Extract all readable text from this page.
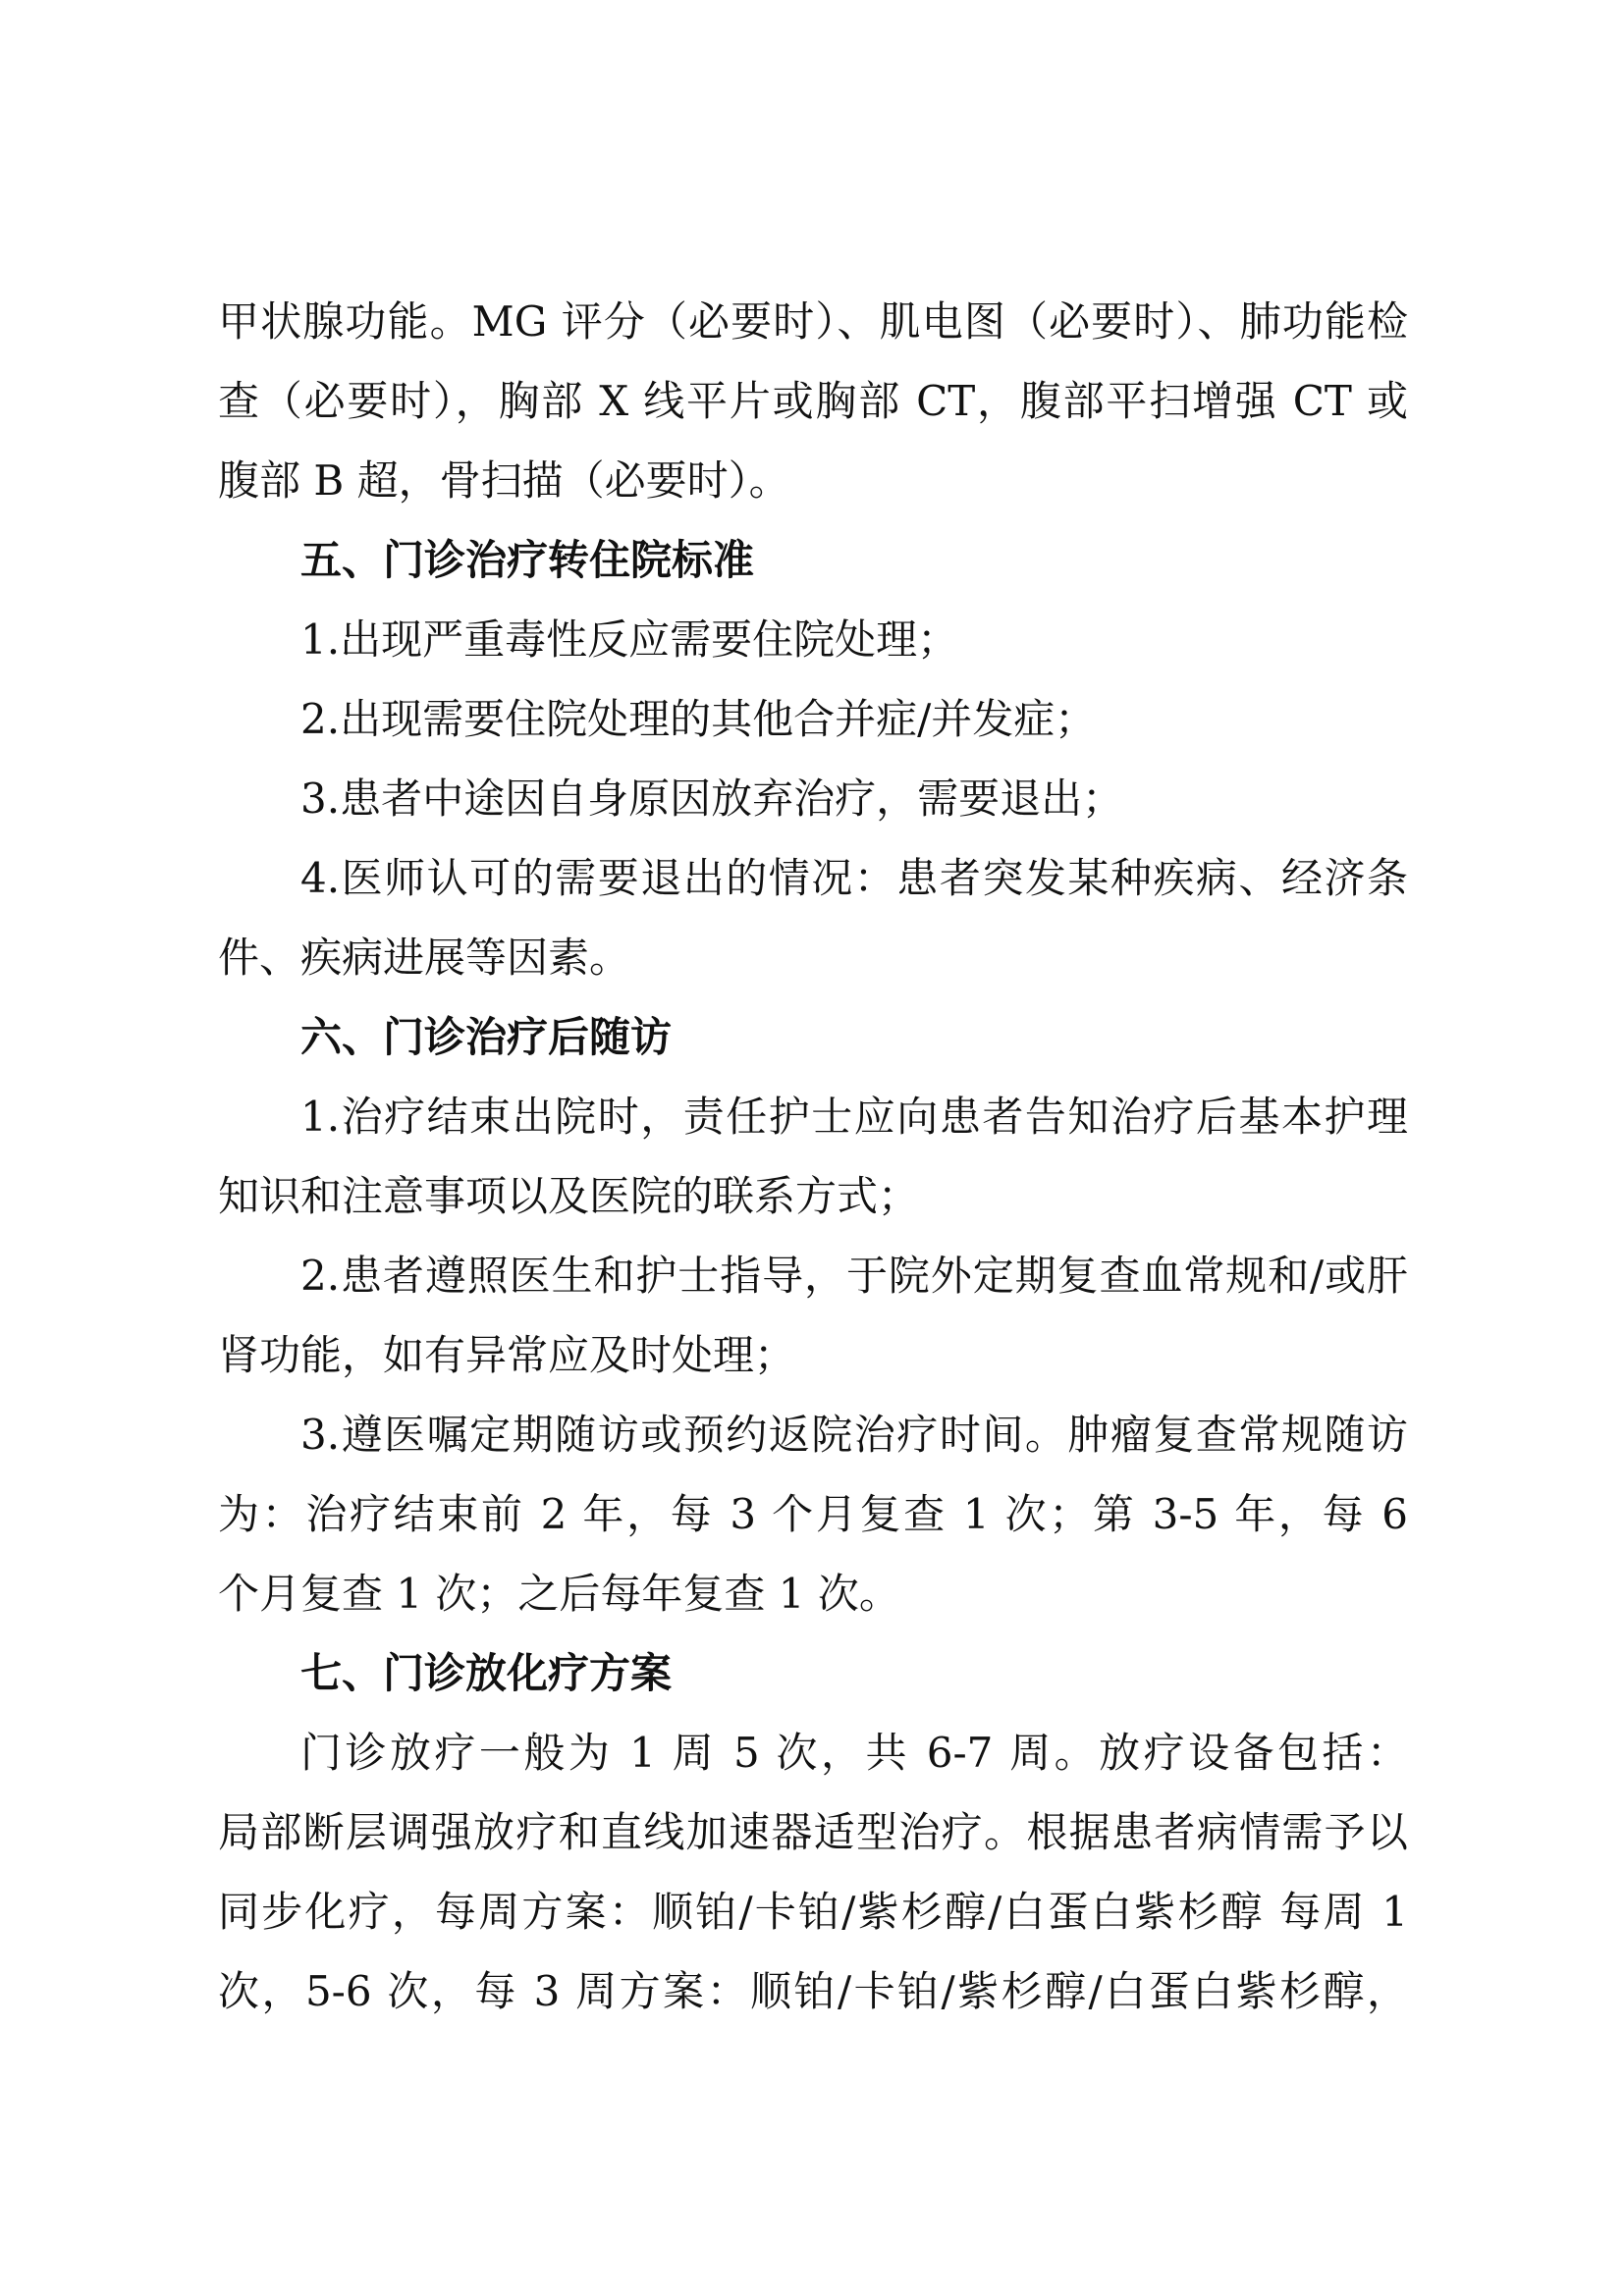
甲状腺功能。MG 评分（必要时）、肌电图（必要时）、肺功能检
查（必要时），胸部 X 线平片或胸部 CT，腹部平扫增强 CT 或
腹部 B 超，骨扫描（必要时）。
五、门诊治疗转住院标准
1.出现严重毒性反应需要住院处理；
2.出现需要住院处理的其他合并症/并发症；
3.患者中途因自身原因放弃治疗，需要退出；
4.医师认可的需要退出的情况：患者突发某种疾病、经济条
件、疾病进展等因素。
六、门诊治疗后随访
1.治疗结束出院时，责任护士应向患者告知治疗后基本护理
知识和注意事项以及医院的联系方式；
2.患者遵照医生和护士指导，于院外定期复查血常规和/或肝
肾功能，如有异常应及时处理；
3.遵医嘱定期随访或预约返院治疗时间。肿瘤复查常规随访
为：治疗结束前 2 年，每 3 个月复查 1 次；第 3-5 年，每 6
个月复查 1 次；之后每年复查 1 次。
七、门诊放化疗方案
门诊放疗一般为 1 周 5 次，共 6-7 周。放疗设备包括：
局部断层调强放疗和直线加速器适型治疗。根据患者病情需予以
同步化疗，每周方案：顺铂/卡铂/紫杉醇/白蛋白紫杉醇 每周 1
次，5-6 次，每 3 周方案：顺铂/卡铂/紫杉醇/白蛋白紫杉醇，
